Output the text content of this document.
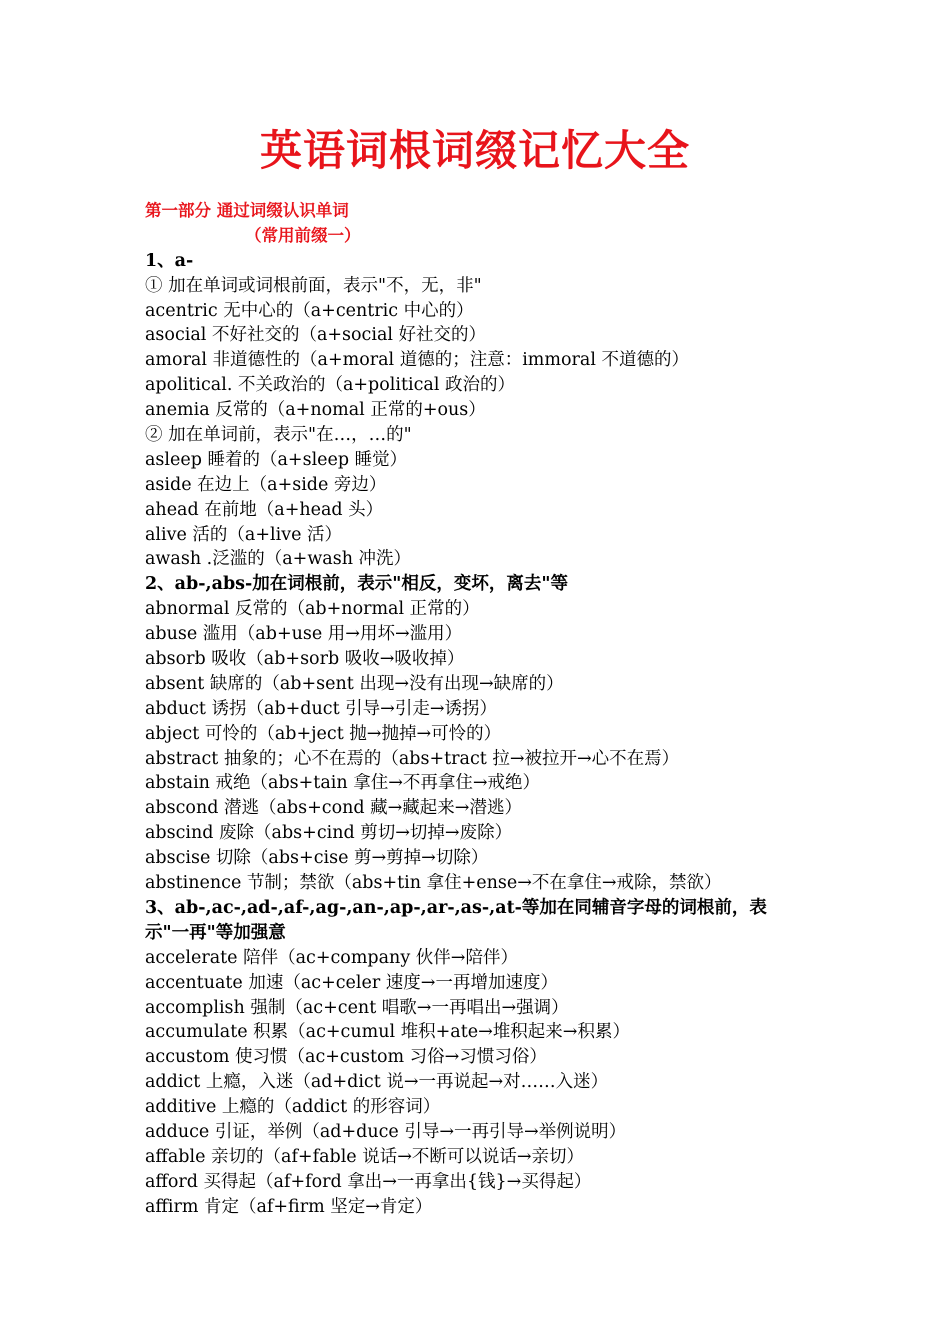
英语词根词缀记忆大全
第一部分 通过词缀认识单词
（常用前缀一）
1、a-
① 加在单词或词根前面，表示"不，无，非"
acentric 无中心的（a+centric 中心的）
asocial 不好社交的（a+social 好社交的）
amoral 非道德性的（a+moral 道德的；注意：immoral 不道德的）
apolitical. 不关政治的（a+political 政治的）
anemia 反常的（a+nomal 正常的+ous）
② 加在单词前，表示"在…，…的"
asleep 睡着的（a+sleep 睡觉）
aside 在边上（a+side 旁边）
ahead 在前地（a+head 头）
alive 活的（a+live 活）
awash .泛滥的（a+wash 冲洗）
2、ab-,abs-加在词根前，表示"相反，变坏，离去"等
abnormal 反常的（ab+normal 正常的）
abuse 滥用（ab+use 用→用坏→滥用）
absorb 吸收（ab+sorb 吸收→吸收掉）
absent 缺席的（ab+sent 出现→没有出现→缺席的）
abduct 诱拐（ab+duct 引导→引走→诱拐）
abject 可怜的（ab+ject 抛→抛掉→可怜的）
abstract 抽象的；心不在焉的（abs+tract 拉→被拉开→心不在焉）
abstain 戒绝（abs+tain 拿住→不再拿住→戒绝）
abscond 潜逃（abs+cond 藏→藏起来→潜逃）
abscind 废除（abs+cind 剪切→切掉→废除）
abscise 切除（abs+cise 剪→剪掉→切除）
abstinence 节制；禁欲（abs+tin 拿住+ense→不在拿住→戒除，禁欲）
3、ab-,ac-,ad-,af-,ag-,an-,ap-,ar-,as-,at-等加在同辅音字母的词根前，表示"一再"等加强意
accelerate 陪伴（ac+company 伙伴→陪伴）
accentuate 加速（ac+celer 速度→一再增加速度）
accomplish 强制（ac+cent 唱歌→一再唱出→强调）
accumulate 积累（ac+cumul 堆积+ate→堆积起来→积累）
accustom 使习惯（ac+custom 习俗→习惯习俗）
addict 上瘾，入迷（ad+dict 说→一再说起→对……入迷）
additive 上瘾的（addict 的形容词）
adduce 引证，举例（ad+duce 引导→一再引导→举例说明）
affable 亲切的（af+fable 说话→不断可以说话→亲切）
afford 买得起（af+ford 拿出→一再拿出{钱}→买得起）
affirm 肯定（af+firm 坚定→肯定）
